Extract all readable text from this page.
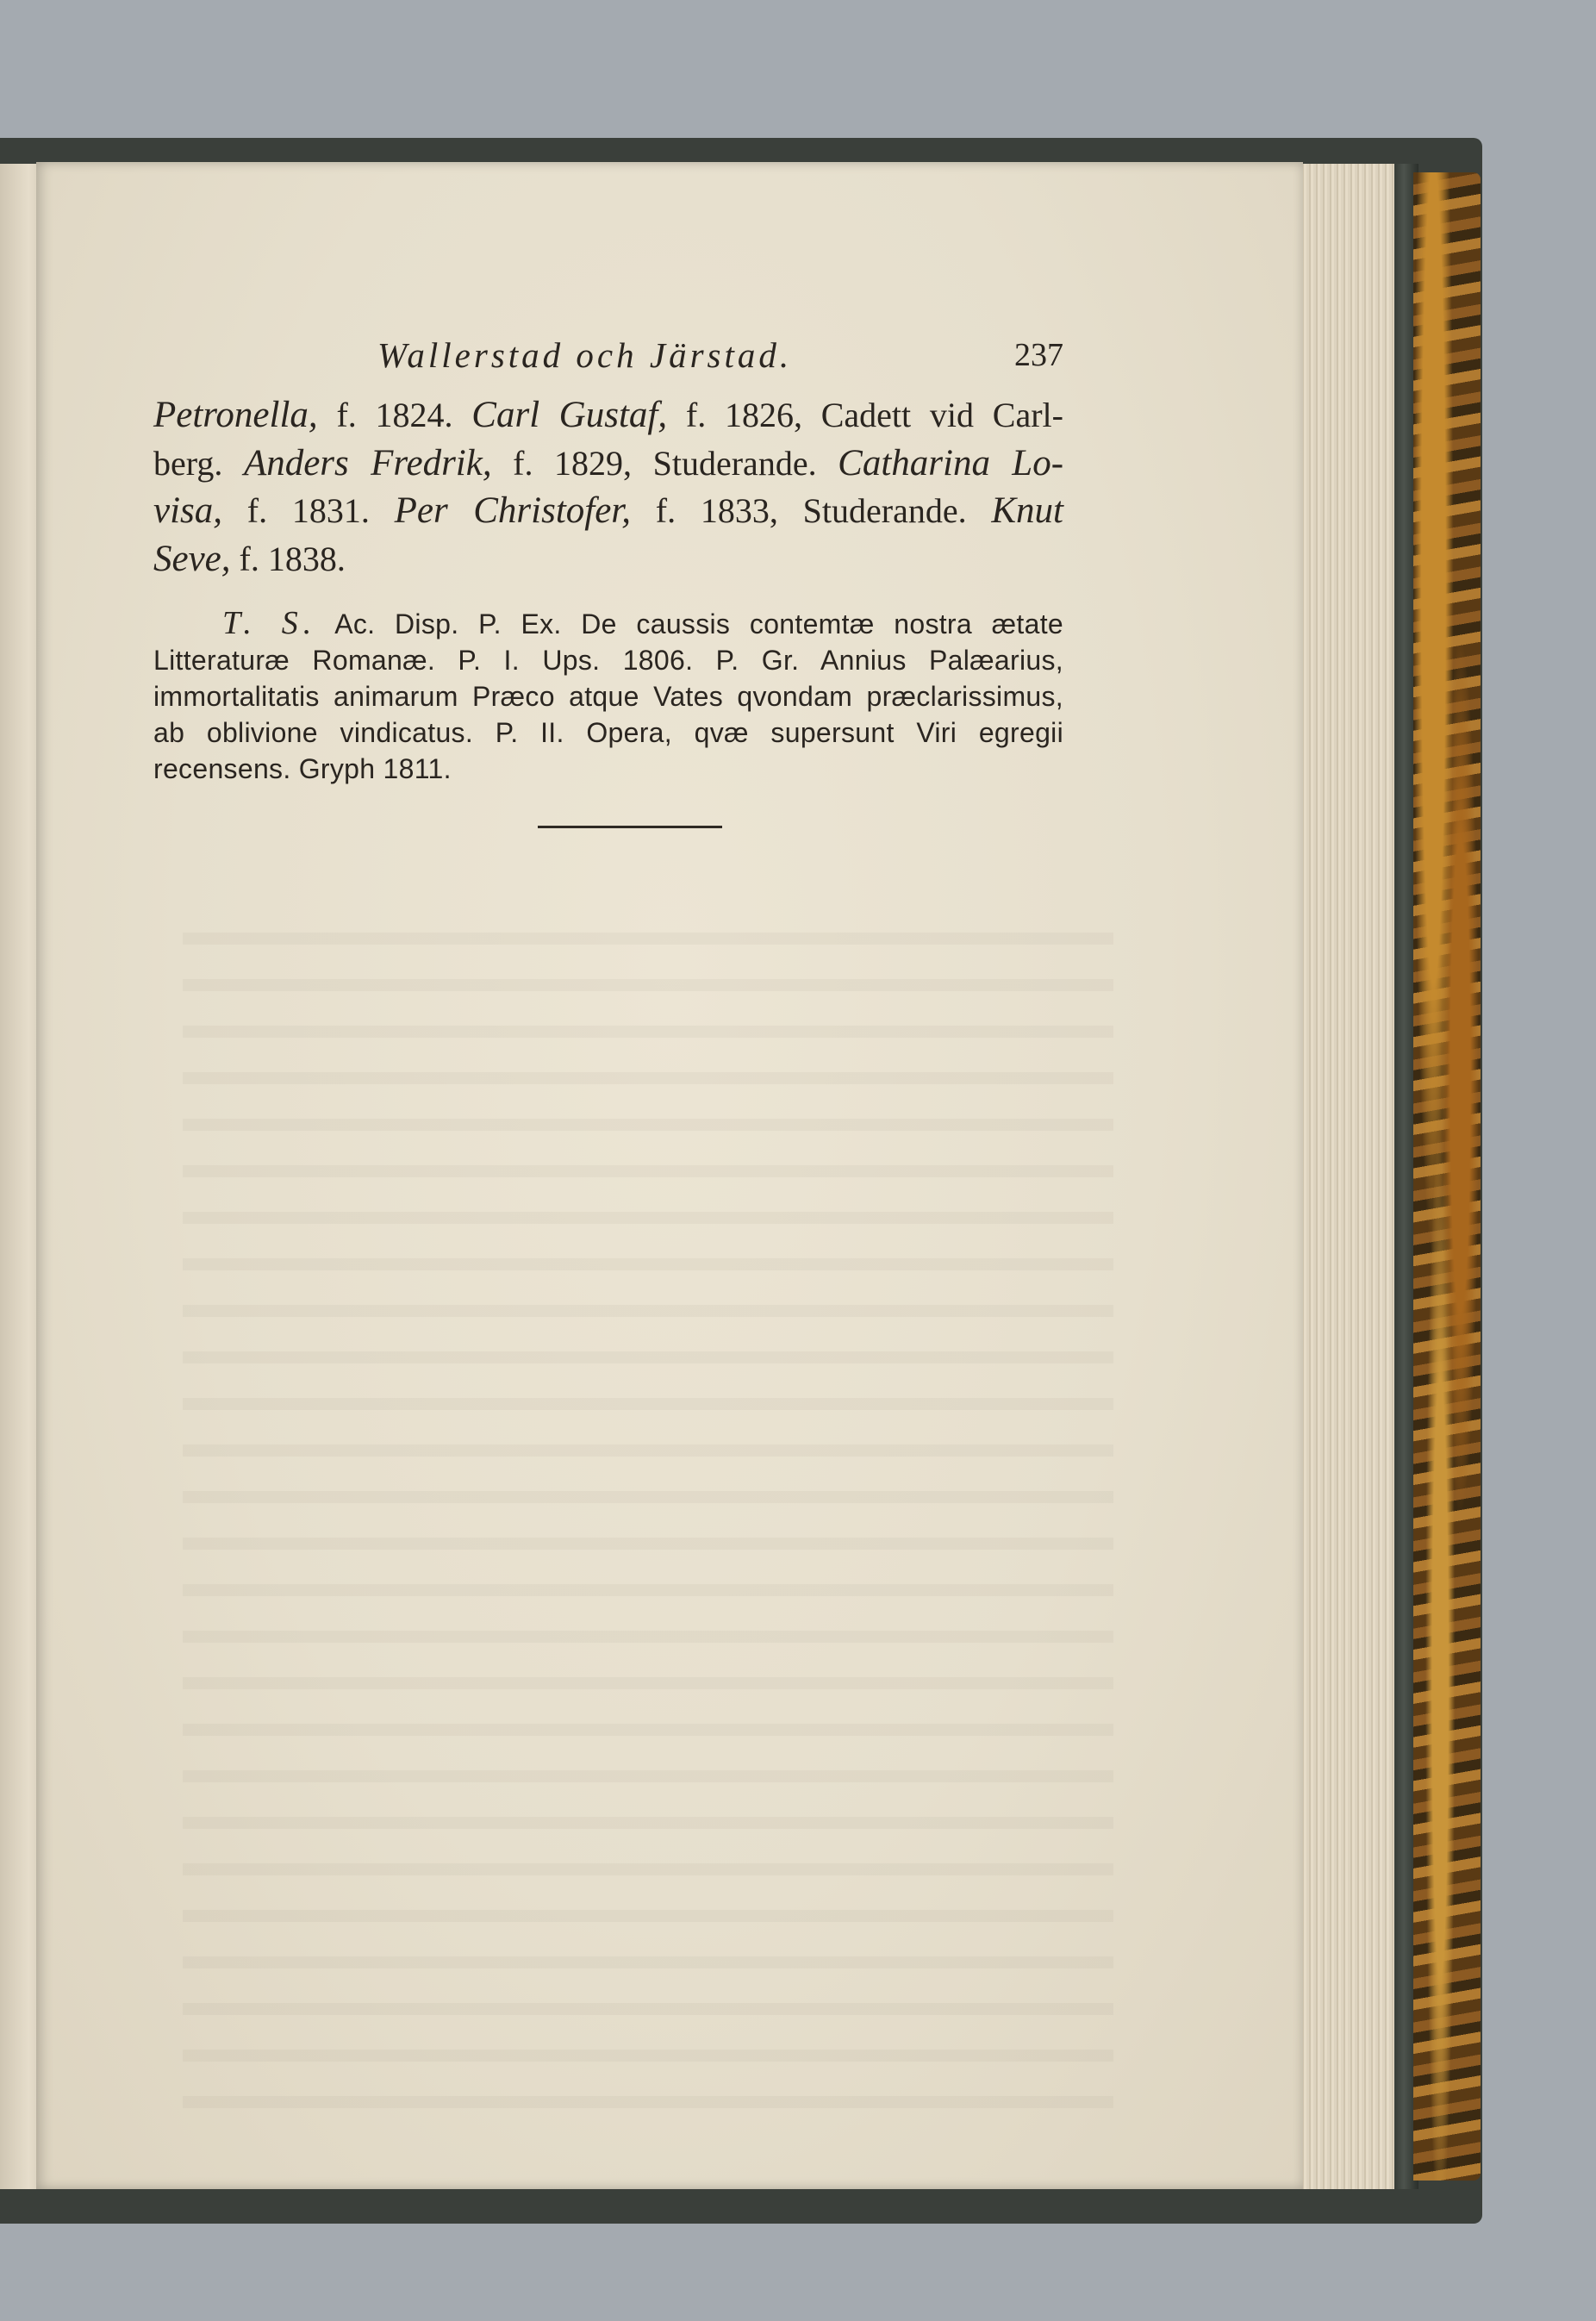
Wallerstad och Järstad.	237
Petronella, f. 1824. Carl Gustaf, f. 1826, Cadett vid Carl-
berg. Anders Fredrik, f. 1829, Studerande. Catharina Lo-
visa, f. 1831. Per Christofer, f. 1833, Studerande. Knut
Seve, f. 1838.
T. S. Ac. Disp. P. Ex. De caussis contemtæ nostra ætate
Litteraturæ Romanæ. P. I. Ups. 1806. P. Gr. Annius Palæarius,
immortalitatis animarum Præco atque Vates qvondam præclarissimus,
ab oblivione vindicatus. P. II. Opera, qvæ supersunt Viri egregii
recensens. Gryph 1811.
